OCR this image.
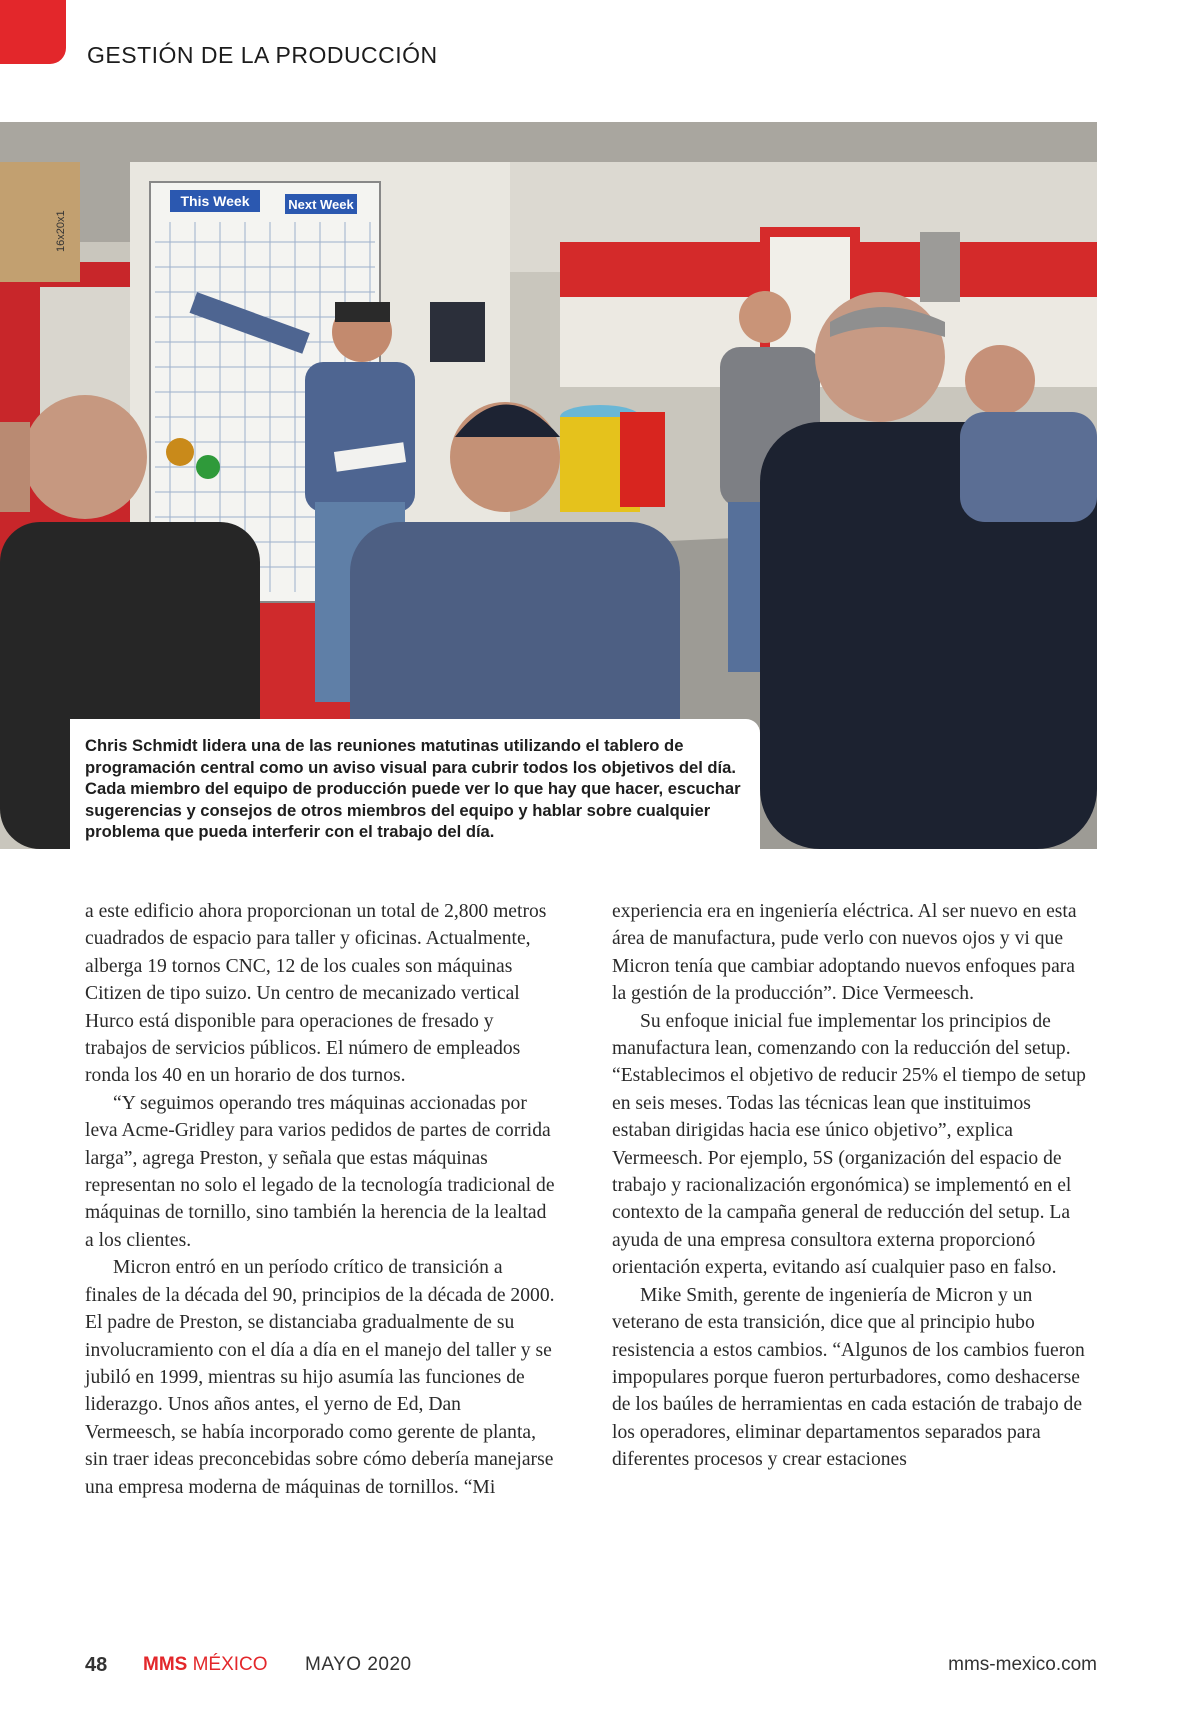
GESTIÓN DE LA PRODUCCIÓN
This Week	Next Week
16x20x1
Chris Schmidt lidera una de las reuniones matutinas utilizando el tablero de programación central como un aviso visual para cubrir todos los objetivos del día. Cada miembro del equipo de producción puede ver lo que hay que hacer, escuchar sugerencias y consejos de otros miembros del equipo y hablar sobre cualquier problema que pueda interferir con el trabajo del día.

a este edificio ahora proporcionan un total de 2,800 metros cuadrados de espacio para taller y oficinas. Actualmente, alberga 19 tornos CNC, 12 de los cuales son máquinas Citizen de tipo suizo. Un centro de mecanizado vertical Hurco está disponible para operaciones de fresado y trabajos de servicios públicos. El número de empleados ronda los 40 en un horario de dos turnos.

“Y seguimos operando tres máquinas accionadas por leva Acme-Gridley para varios pedidos de partes de corrida larga”, agrega Preston, y señala que estas máquinas representan no solo el legado de la tecnología tradicional de máquinas de tornillo, sino también la herencia de la lealtad a los clientes.

Micron entró en un período crítico de transición a finales de la década del 90, principios de la década de 2000. El padre de Preston, se distanciaba gradualmente de su involucramiento con el día a día en el manejo del taller y se jubiló en 1999, mientras su hijo asumía las funciones de liderazgo. Unos años antes, el yerno de Ed, Dan Vermeesch, se había incorporado como gerente de planta, sin traer ideas preconcebidas sobre cómo debería manejarse una empresa moderna de máquinas de tornillos. “Mi

experiencia era en ingeniería eléctrica. Al ser nuevo en esta área de manufactura, pude verlo con nuevos ojos y vi que Micron tenía que cambiar adoptando nuevos enfoques para la gestión de la producción”. Dice Vermeesch.

Su enfoque inicial fue implementar los principios de manufactura lean, comenzando con la reducción del setup. “Establecimos el objetivo de reducir 25% el tiempo de setup en seis meses. Todas las técnicas lean que instituimos estaban dirigidas hacia ese único objetivo”, explica Vermeesch. Por ejemplo, 5S (organización del espacio de trabajo y racionalización ergonómica) se implementó en el contexto de la campaña general de reducción del setup. La ayuda de una empresa consultora externa proporcionó orientación experta, evitando así cualquier paso en falso.

Mike Smith, gerente de ingeniería de Micron y un veterano de esta transición, dice que al principio hubo resistencia a estos cambios. “Algunos de los cambios fueron impopulares porque fueron perturbadores, como deshacerse de los baúles de herramientas en cada estación de trabajo de los operadores, eliminar departamentos separados para diferentes procesos y crear estaciones

48 MMS MÉXICO MAYO 2020	mms-mexico.com
